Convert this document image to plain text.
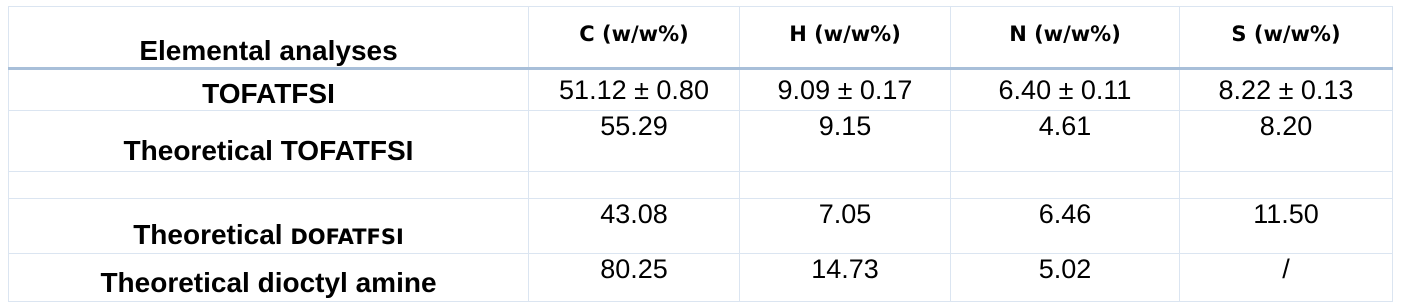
Elemental analyses	C (w/w%)	H (w/w%)	N (w/w%)	S (w/w%)
TOFATFSI	51.12 ± 0.80	9.09 ± 0.17	6.40 ± 0.11	8.22 ± 0.13
Theoretical TOFATFSI	55.29	9.15	4.61	8.20

Theoretical DOFATFSI	43.08	7.05	6.46	11.50
Theoretical dioctyl amine	80.25	14.73	5.02	/
